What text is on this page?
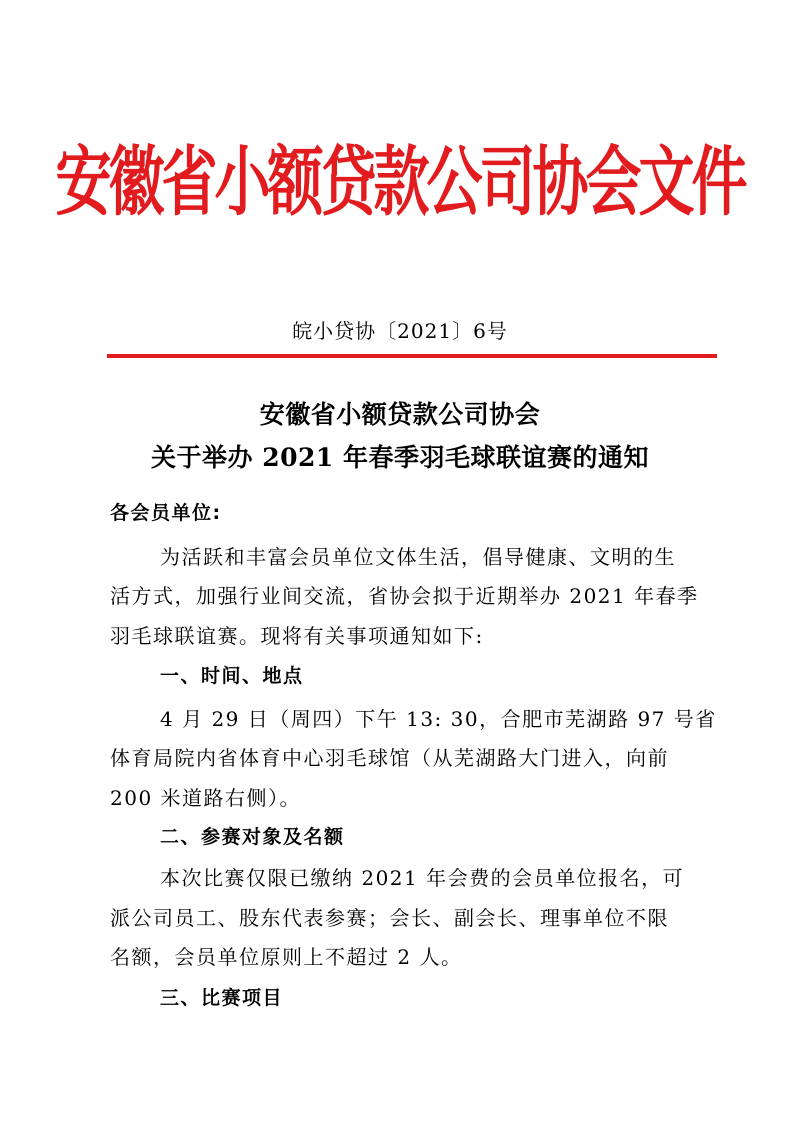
安徽省小额贷款公司协会文件
皖小贷协〔2021〕6号
安徽省小额贷款公司协会
关于举办 2021 年春季羽毛球联谊赛的通知
各会员单位:
为活跃和丰富会员单位文体生活，倡导健康、文明的生
活方式，加强行业间交流，省协会拟于近期举办 2021 年春季
羽毛球联谊赛。现将有关事项通知如下:
一、时间、地点
4 月 29 日（周四）下午 13: 30，合肥市芜湖路 97 号省
体育局院内省体育中心羽毛球馆（从芜湖路大门进入，向前
200 米道路右侧）。
二、参赛对象及名额
本次比赛仅限已缴纳 2021 年会费的会员单位报名，可
派公司员工、股东代表参赛；会长、副会长、理事单位不限
名额，会员单位原则上不超过 2 人。
三、比赛项目
